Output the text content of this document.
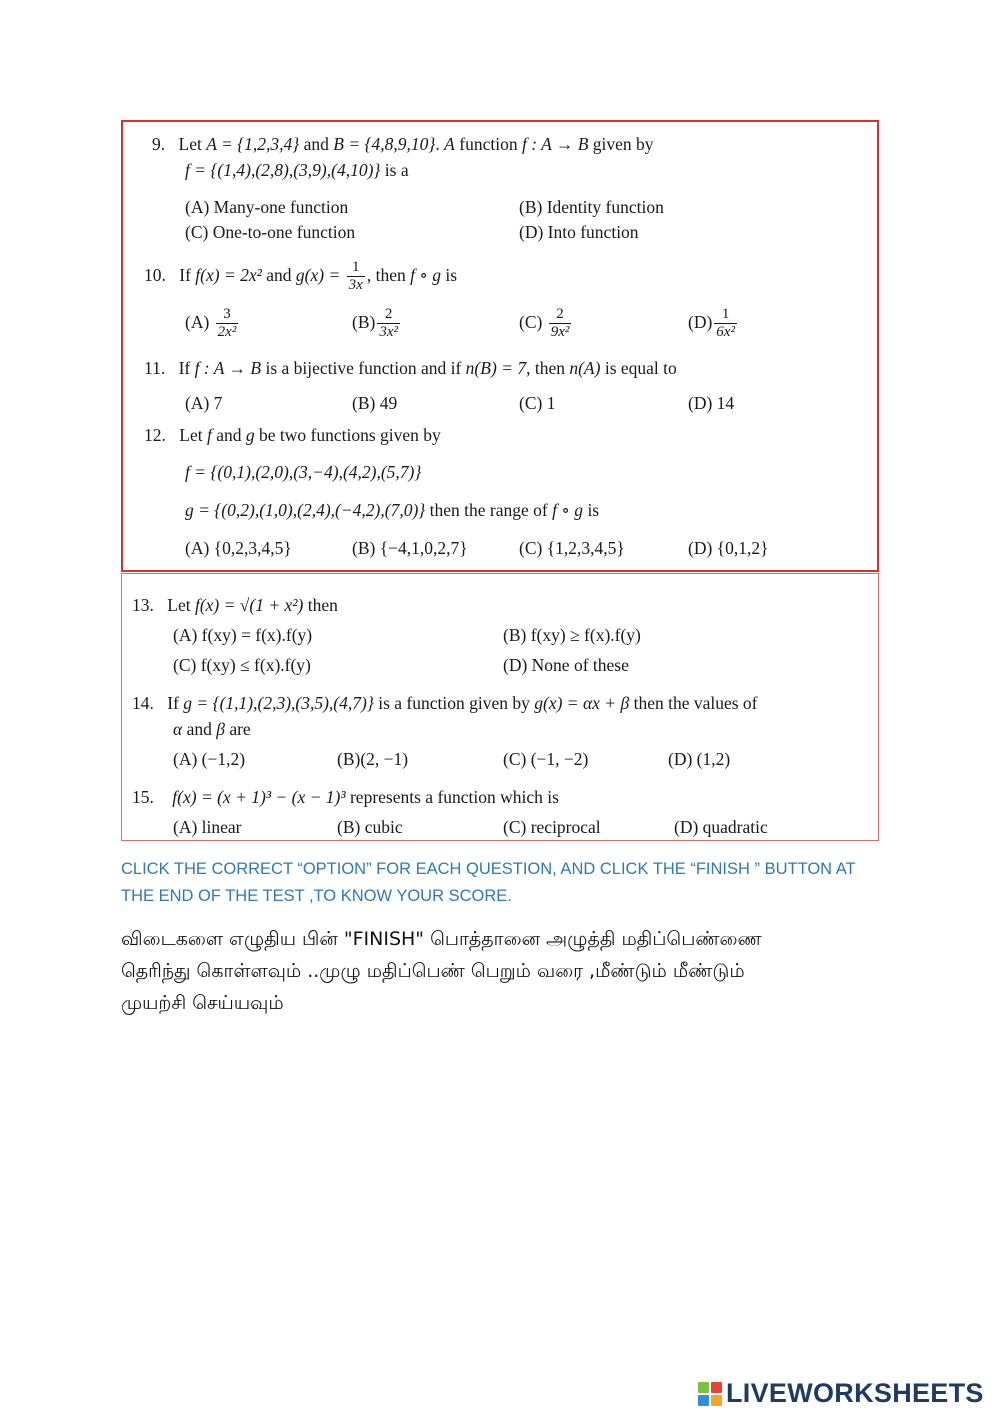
9. Let A = {1,2,3,4} and B = {4,8,9,10}. A function f : A → B given by
f = {(1,4),(2,8),(3,9),(4,10)} is a
(A) Many-one function	(B) Identity function
(C) One-to-one function	(D) Into function
10. If f(x) = 2x² and $g(x) = \frac{1}{3x}$ , then f ∘ g is
$(A) \frac{3}{\text{2x²}}$	$(B) \frac{2}{\text{3x²}}$	$(C) \frac{2}{\text{9x²}}$	$(D) \frac{1}{\text{6x²}}$
11. If f : A → B is a bijective function and if n(B) = 7, then n(A) is equal to
(A) 7	(B) 49	(C) 1	(D) 14
12. Let f and g be two functions given by
f = {(0,1),(2,0),(3,−4),(4,2),(5,7)}
g = {(0,2),(1,0),(2,4),(−4,2),(7,0)} then the range of f ∘ g is
(A) {0,2,3,4,5}	(B) {−4,1,0,2,7}	(C) {1,2,3,4,5}	(D) {0,1,2}
13. Let f(x) = √(1 + x²) then
(A) f(xy) = f(x).f(y)	(B) f(xy) ≥ f(x).f(y)
(C) f(xy) ≤ f(x).f(y)	(D) None of these
14. If g = {(1,1),(2,3),(3,5),(4,7)} is a function given by g(x) = αx + β then the values of
α and β are
(A) (−1,2)	(B)(2, −1)	(C) (−1, −2)	(D) (1,2)
15. f(x) = (x + 1)³ − (x − 1)³ represents a function which is
(A) linear	(B) cubic	(C) reciprocal	(D) quadratic
CLICK THE CORRECT “OPTION” FOR EACH QUESTION, AND CLICK THE “FINISH ” BUTTON AT THE END OF THE TEST ,TO KNOW YOUR SCORE.
விடைகளை எழுதிய பின் "FINISH" பொத்தானை அழுத்தி மதிப்பெண்ணை
தெரிந்து கொள்ளவும் ..முழு மதிப்பெண் பெறும் வரை ,மீண்டும் மீண்டும்
முயற்சி செய்யவும்
LIVEWORKSHEETS
